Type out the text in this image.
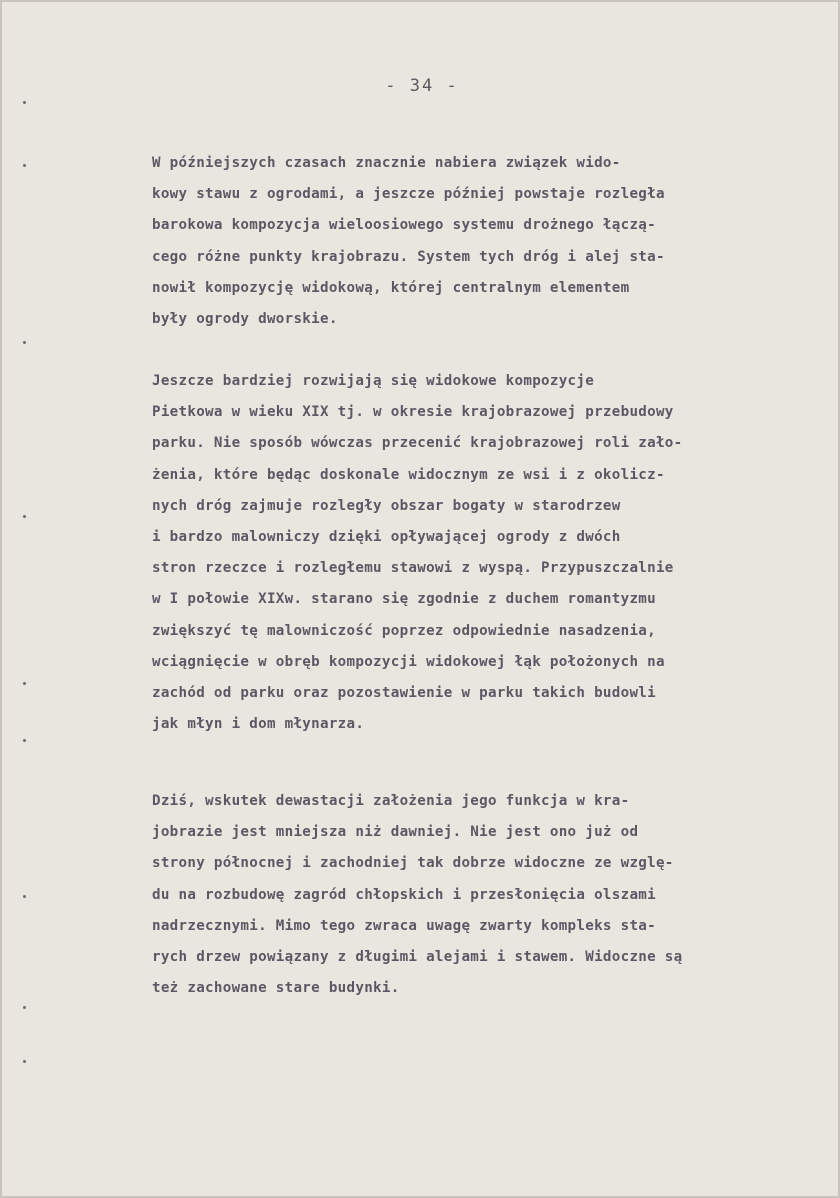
- 34 -
W późniejszych czasach znacznie nabiera związek wido-
kowy stawu z ogrodami, a jeszcze później powstaje rozległa
barokowa kompozycja wieloosiowego systemu drożnego łączą-
cego różne punkty krajobrazu. System tych dróg i alej sta-
nowił kompozycję widokową, której centralnym elementem
były ogrody dworskie.
Jeszcze bardziej rozwijają się widokowe kompozycje
Pietkowa w wieku XIX tj. w okresie krajobrazowej przebudowy
parku. Nie sposób wówczas przecenić krajobrazowej roli zało-
żenia, które będąc doskonale widocznym ze wsi i z okolicz-
nych dróg zajmuje rozległy obszar bogaty w starodrzew
i bardzo malowniczy dzięki opływającej ogrody z dwóch
stron rzeczce i rozległemu stawowi z wyspą. Przypuszczalnie
w I połowie XIXw. starano się zgodnie z duchem romantyzmu
zwiększyć tę malowniczość poprzez odpowiednie nasadzenia,
wciągnięcie w obręb kompozycji widokowej łąk położonych na
zachód od parku oraz pozostawienie w parku takich budowli
jak młyn i dom młynarza.
Dziś, wskutek dewastacji założenia jego funkcja w kra-
jobrazie jest mniejsza niż dawniej. Nie jest ono już od
strony północnej i zachodniej tak dobrze widoczne ze wzglę-
du na rozbudowę zagród chłopskich i przesłonięcia olszami
nadrzecznymi. Mimo tego zwraca uwagę zwarty kompleks sta-
rych drzew powiązany z długimi alejami i stawem. Widoczne są
też zachowane stare budynki.
